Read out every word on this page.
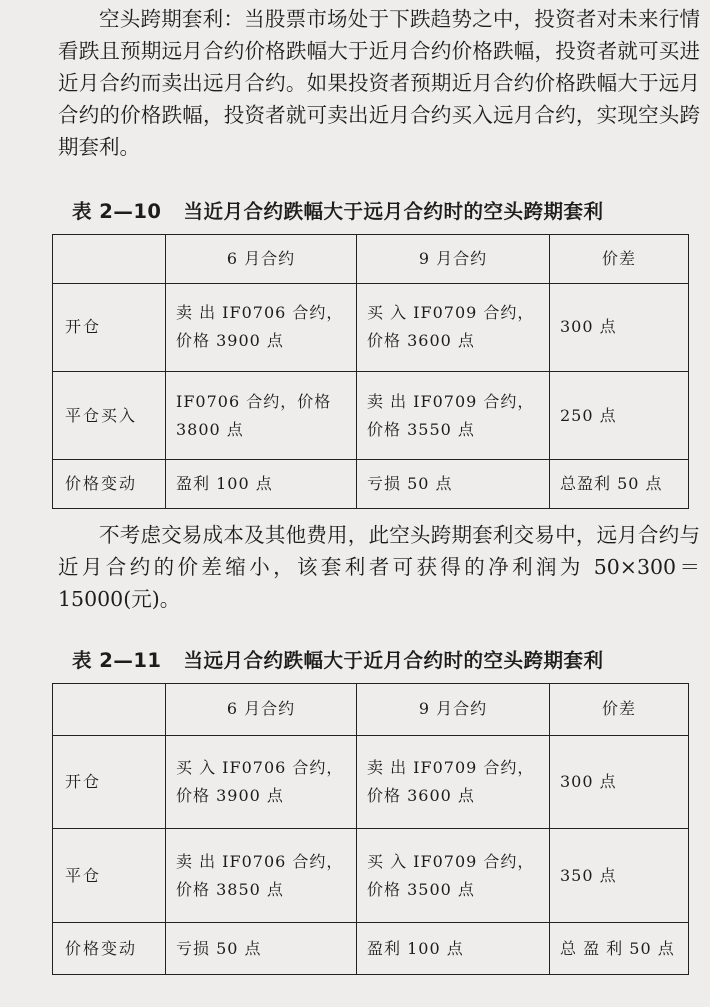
空头跨期套利：当股票市场处于下跌趋势之中，投资者对未来行情看跌且预期远月合约价格跌幅大于近月合约价格跌幅，投资者就可买进近月合约而卖出远月合约。如果投资者预期近月合约价格跌幅大于远月合约的价格跌幅，投资者就可卖出近月合约买入远月合约，实现空头跨期套利。

表 2—10 当近月合约跌幅大于远月合约时的空头跨期套利
	6 月合约	9 月合约	价差
开仓	卖 出 IF0706 合约，价格 3900 点	买 入 IF0709 合约，价格 3600 点	300 点
平仓买入	IF0706 合约，价格 3800 点	卖 出 IF0709 合约，价格 3550 点	250 点
价格变动	盈利 100 点	亏损 50 点	总盈利 50 点

不考虑交易成本及其他费用，此空头跨期套利交易中，远月合约与近月合约的价差缩小，该套利者可获得的净利润为 50×300＝15000(元)。

表 2—11 当远月合约跌幅大于近月合约时的空头跨期套利
	6 月合约	9 月合约	价差
开仓	买 入 IF0706 合约，价格 3900 点	卖 出 IF0709 合约，价格 3600 点	300 点
平仓	卖 出 IF0706 合约，价格 3850 点	买 入 IF0709 合约，价格 3500 点	350 点
价格变动	亏损 50 点	盈利 100 点	总 盈 利 50 点
